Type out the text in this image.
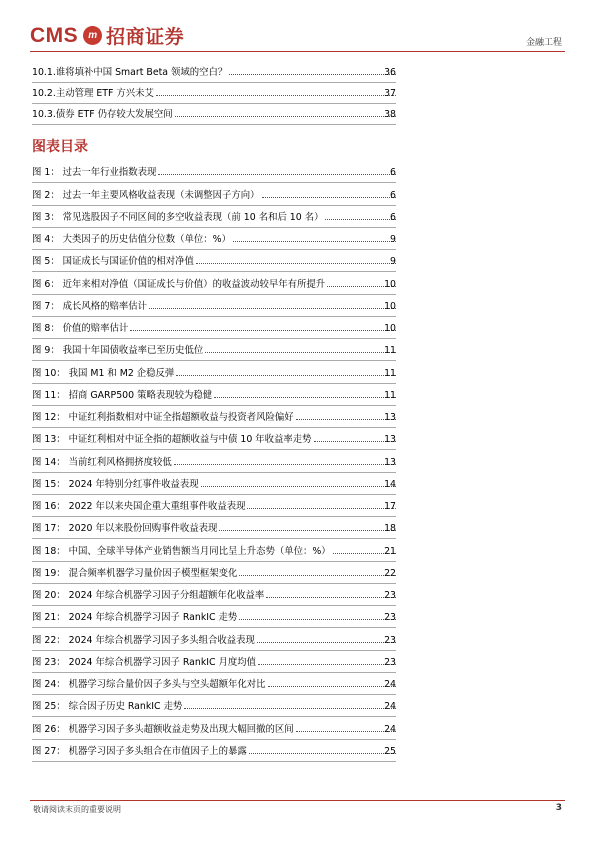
CMS m 招商证券	金融工程
10.1.谁将填补中国 Smart Beta 领域的空白？	36
10.2.主动管理 ETF 方兴未艾	37
10.3.债券 ETF 仍存较大发展空间	38
图表目录
图 1： 过去一年行业指数表现	6
图 2： 过去一年主要风格收益表现（未调整因子方向）	6
图 3： 常见选股因子不同区间的多空收益表现（前 10 名和后 10 名）	6
图 4： 大类因子的历史估值分位数（单位：%）	9
图 5： 国证成长与国证价值的相对净值	9
图 6： 近年来相对净值（国证成长与价值）的收益波动较早年有所提升	10
图 7： 成长风格的赔率估计	10
图 8： 价值的赔率估计	10
图 9： 我国十年国债收益率已至历史低位	11
图 10： 我国 M1 和 M2 企稳反弹	11
图 11： 招商 GARP500 策略表现较为稳健	11
图 12： 中证红利指数相对中证全指超额收益与投资者风险偏好	13
图 13： 中证红利相对中证全指的超额收益与中债 10 年收益率走势	13
图 14： 当前红利风格拥挤度较低	13
图 15： 2024 年特别分红事件收益表现	14
图 16： 2022 年以来央国企重大重组事件收益表现	17
图 17： 2020 年以来股份回购事件收益表现	18
图 18： 中国、全球半导体产业销售额当月同比呈上升态势（单位：%）	21
图 19： 混合频率机器学习量价因子模型框架变化	22
图 20： 2024 年综合机器学习因子分组超额年化收益率	23
图 21： 2024 年综合机器学习因子 RankIC 走势	23
图 22： 2024 年综合机器学习因子多头组合收益表现	23
图 23： 2024 年综合机器学习因子 RankIC 月度均值	23
图 24： 机器学习综合量价因子多头与空头超额年化对比	24
图 25： 综合因子历史 RankIC 走势	24
图 26： 机器学习因子多头超额收益走势及出现大幅回撤的区间	24
图 27： 机器学习因子多头组合在市值因子上的暴露	25
敬请阅读末页的重要说明	3
